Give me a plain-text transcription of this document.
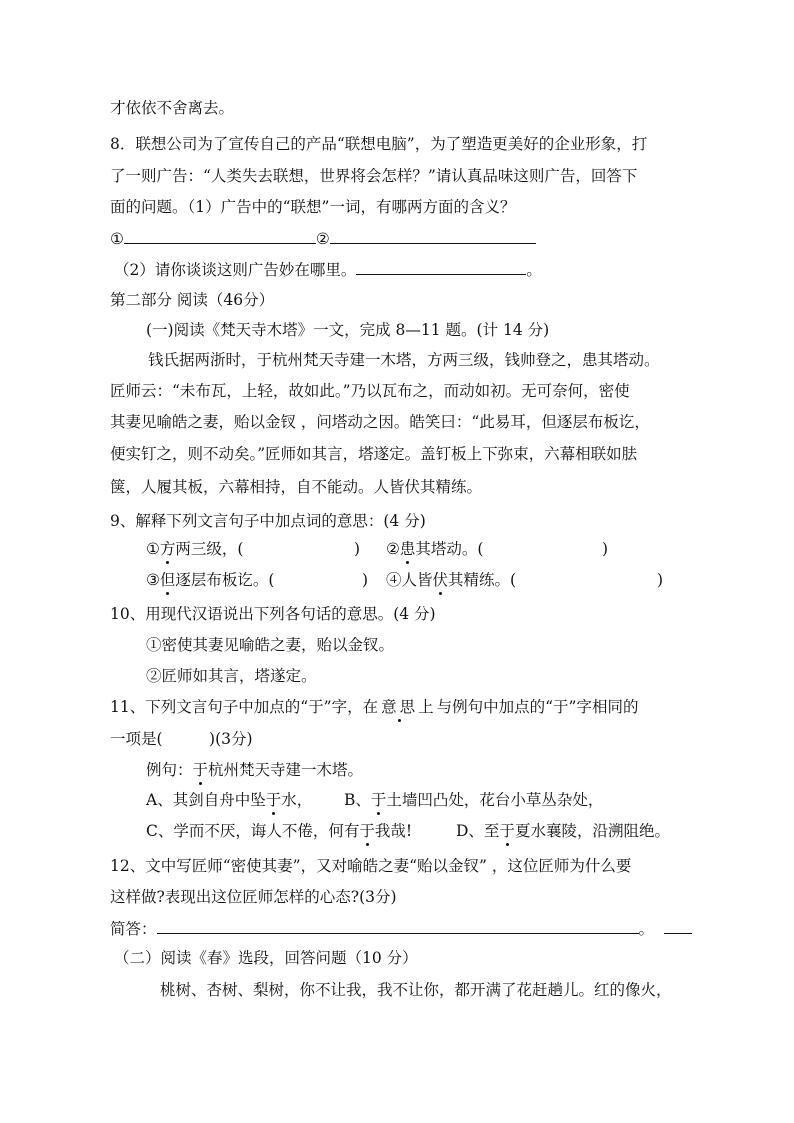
才依依不舍离去。
8．联想公司为了宣传自己的产品“联想电脑”，为了塑造更美好的企业形象，打
了一则广告：“人类失去联想，世界将会怎样？”请认真品味这则广告，回答下
面的问题。（1）广告中的“联想”一词，有哪两方面的含义？
①	②
（2）请你谈谈这则广告妙在哪里。	。
第二部分 阅读（46分）
(一)阅读《梵天寺木塔》一文，完成 8—11 题。(计 14 分)
钱氏据两浙时，于杭州梵天寺建一木塔，方两三级，钱帅登之，患其塔动。
匠师云：“未布瓦，上轻，故如此。”乃以瓦布之，而动如初。无可奈何，密使
其妻见喻皓之妻，贻以金钗 ，问塔动之因。皓笑曰：“此易耳，但逐层布板讫，
便实钉之，则不动矣。”匠师如其言，塔遂定。盖钉板上下弥束，六幕相联如胠
箧，人履其板，六幕相持，自不能动。人皆伏其精练。
9、解释下列文言句子中加点词的意思：(4 分)
①方两三级，(	) ②患其塔动。(	)
③但逐层布板讫。(	) ④人皆伏其精练。(	)
10、用现代汉语说出下列各句话的意思。(4 分)
①密使其妻见喻皓之妻，贻以金钗。
②匠师如其言，塔遂定。
11、下列文言句子中加点的“于”字，在意思上与例句中加点的“于”字相同的
一项是(　　　)(3分)
例句：于杭州梵天寺建一木塔。
A、其剑自舟中坠于水， B、于土墙凹凸处，花台小草丛杂处，
C、学而不厌，诲人不倦，何有于我哉!	D、至于夏水襄陵，沿溯阻绝。
12、文中写匠师“密使其妻”，又对喻皓之妻“贻以金钗” ，这位匠师为什么要
这样做?表现出这位匠师怎样的心态?(3分)
简答：	。
（二）阅读《春》选段，回答问题（10 分）
桃树、杏树、梨树，你不让我，我不让你，都开满了花赶趟儿。红的像火，
